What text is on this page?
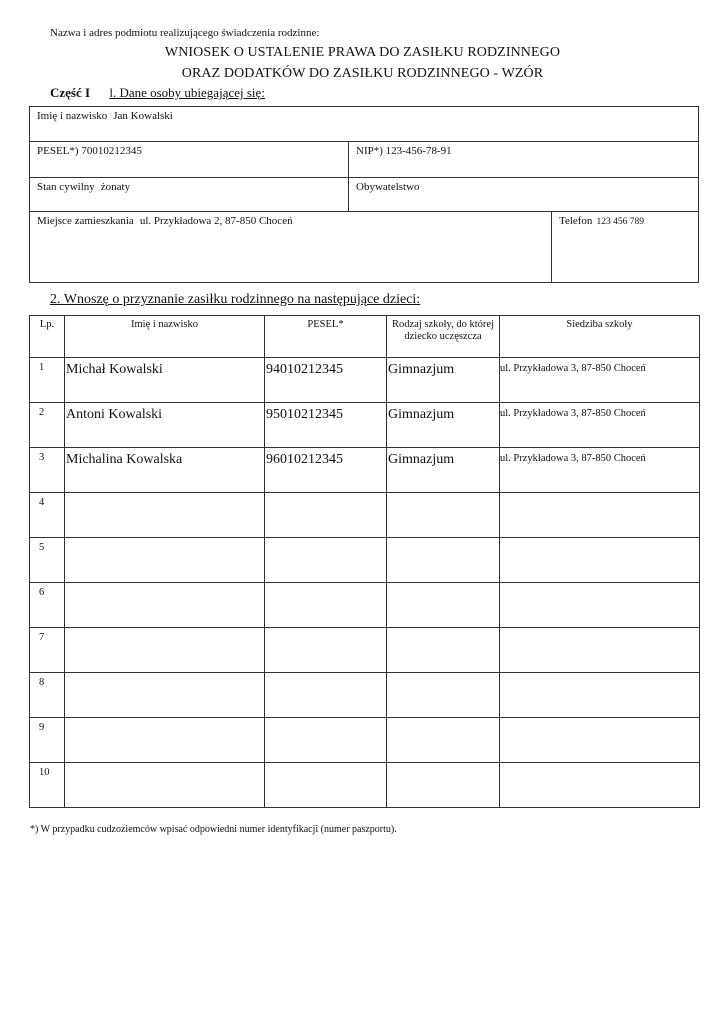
Nazwa i adres podmiotu realizującego świadczenia rodzinne:
WNIOSEK O USTALENIE PRAWA DO ZASIŁKU RODZINNEGO
ORAZ DODATKÓW DO ZASIŁKU RODZINNEGO - WZÓR
Część I l. Dane osoby ubiegającej się:
Imię i nazwisko Jan Kowalski		
PESEL*) 70010212345	NIP*) 123-456-78-91	
Stan cywilny żonaty	Obywatelstwo	
Miejsce zamieszkania ul. Przykładowa 2, 87-850 Choceń		Telefon 123 456 789
2. Wnoszę o przyznanie zasiłku rodzinnego na następujące dzieci:
Lp.	Imię i nazwisko	PESEL*	Rodzaj szkoły, do której dziecko uczęszcza	Siedziba szkoły
1	Michał Kowalski	94010212345	Gimnazjum	ul. Przykładowa 3, 87-850 Choceń
2	Antoni Kowalski	95010212345	Gimnazjum	ul. Przykładowa 3, 87-850 Choceń
3	Michalina Kowalska	96010212345	Gimnazjum	ul. Przykładowa 3, 87-850 Choceń
4				
5				
6				
7				
8				
9				
10				
*) W przypadku cudzoziemców wpisać odpowiedni numer identyfikacji (numer paszportu).
